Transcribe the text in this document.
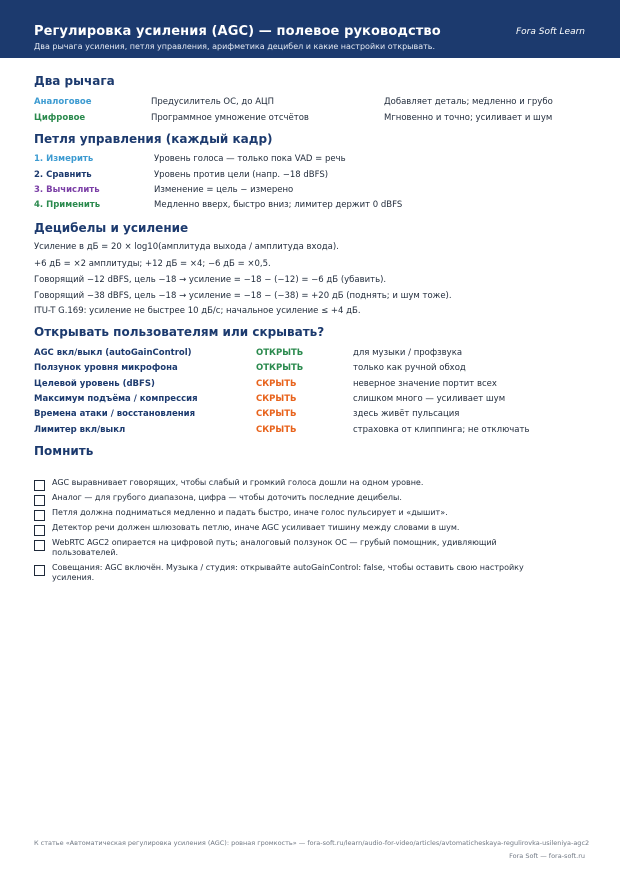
Регулировка усиления (AGC) — полевое руководство
Два рычага усиления, петля управления, арифметика децибел и какие настройки открывать.
Fora Soft Learn
Два рычага
Аналоговое	Предусилитель ОС, до АЦП	Добавляет деталь; медленно и грубо
Цифровое	Программное умножение отсчётов	Мгновенно и точно; усиливает и шум
Петля управления (каждый кадр)
1. Измерить	Уровень голоса — только пока VAD = речь
2. Сравнить	Уровень против цели (напр. −18 dBFS)
3. Вычислить	Изменение = цель − измерено
4. Применить	Медленно вверх, быстро вниз; лимитер держит 0 dBFS
Децибелы и усиление
Усиление в дБ = 20 × log10(амплитуда выхода / амплитуда входа).
+6 дБ = ×2 амплитуды; +12 дБ = ×4; −6 дБ = ×0,5.
Говорящий −12 dBFS, цель −18 → усиление = −18 − (−12) = −6 дБ (убавить).
Говорящий −38 dBFS, цель −18 → усиление = −18 − (−38) = +20 дБ (поднять; и шум тоже).
ITU-T G.169: усиление не быстрее 10 дБ/с; начальное усиление ≤ +4 дБ.
Открывать пользователям или скрывать?
AGC вкл/выкл (autoGainControl)	ОТКРЫТЬ	для музыки / профзвука
Ползунок уровня микрофона	ОТКРЫТЬ	только как ручной обход
Целевой уровень (dBFS)	СКРЫТЬ	неверное значение портит всех
Максимум подъёма / компрессия	СКРЫТЬ	слишком много — усиливает шум
Времена атаки / восстановления	СКРЫТЬ	здесь живёт пульсация
Лимитер вкл/выкл	СКРЫТЬ	страховка от клиппинга; не отключать
Помнить
AGC выравнивает говорящих, чтобы слабый и громкий голоса дошли на одном уровне.
Аналог — для грубого диапазона, цифра — чтобы доточить последние децибелы.
Петля должна подниматься медленно и падать быстро, иначе голос пульсирует и «дышит».
Детектор речи должен шлюзовать петлю, иначе AGC усиливает тишину между словами в шум.
WebRTC AGC2 опирается на цифровой путь; аналоговый ползунок ОС — грубый помощник, удивляющий пользователей.
Совещания: AGC включён. Музыка / студия: открывайте autoGainControl: false, чтобы оставить свою настройку усиления.
К статье «Автоматическая регулировка усиления (AGC): ровная громкость» — fora-soft.ru/learn/audio-for-video/articles/avtomaticheskaya-regulirovka-usileniya-agc2
Fora Soft — fora-soft.ru
